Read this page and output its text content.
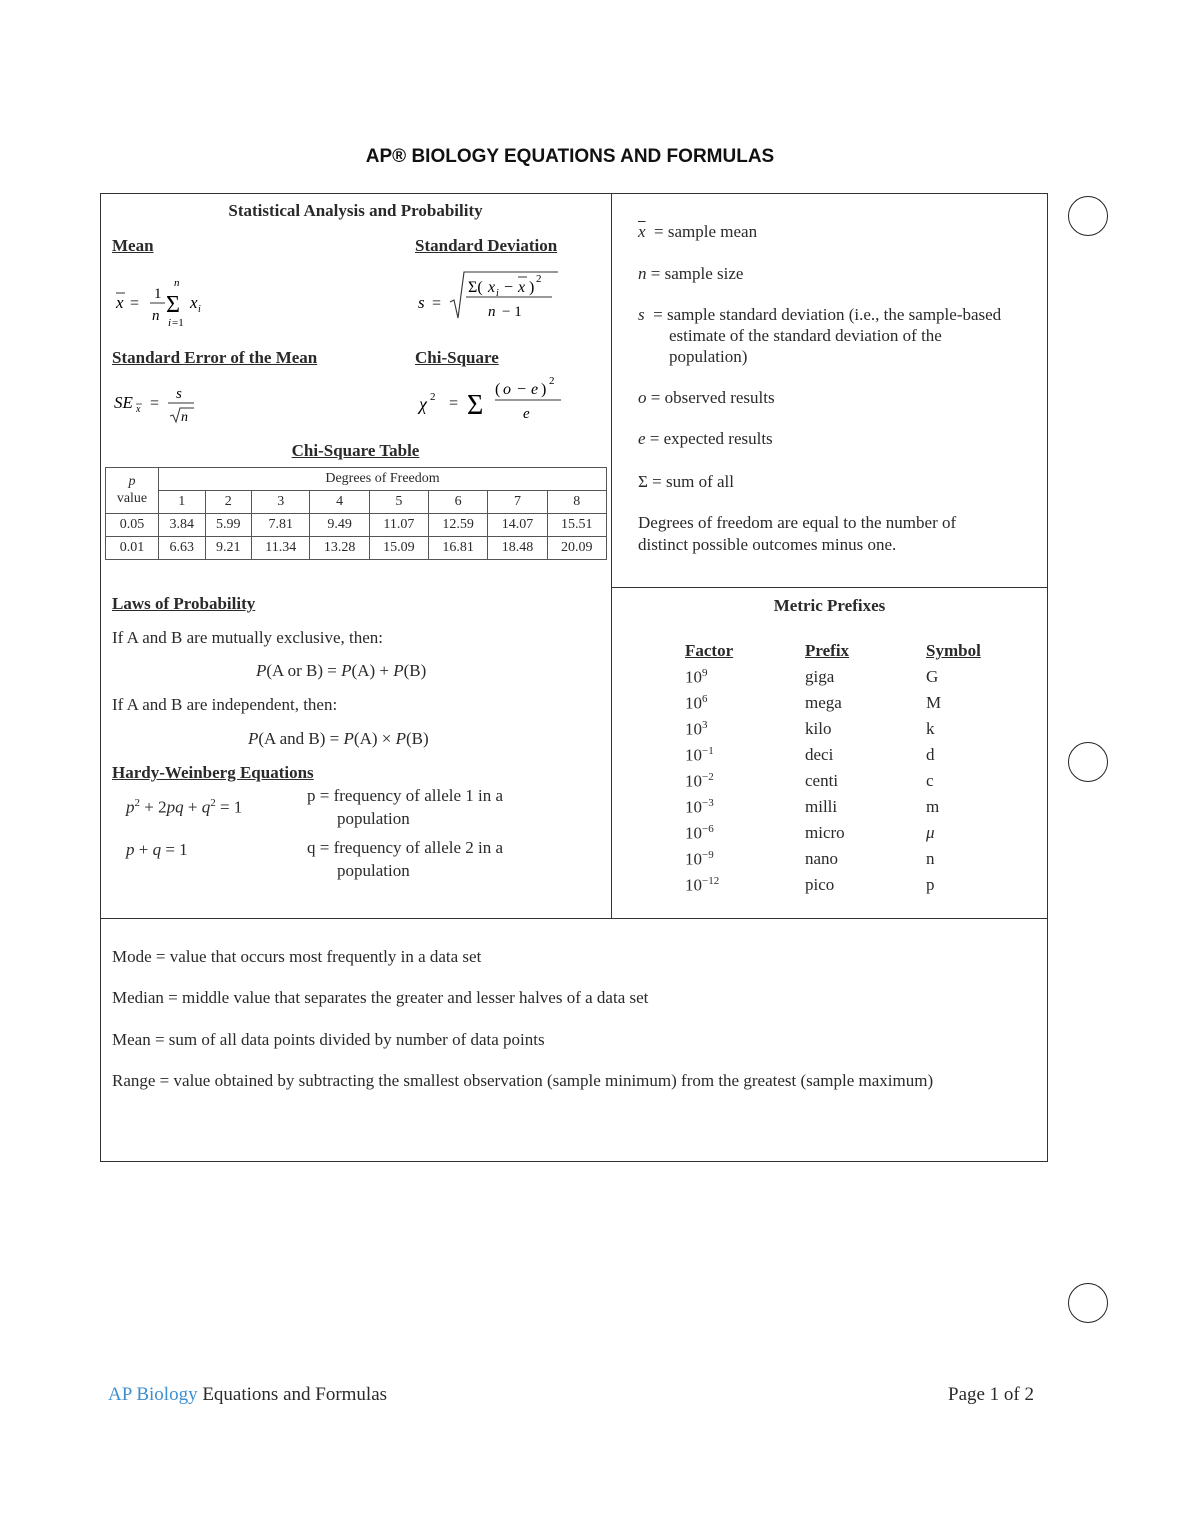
AP® BIOLOGY EQUATIONS AND FORMULAS
Statistical Analysis and Probability
Mean	Standard Deviation
x =
1
n
n
Σ
i =1
x i	s =
Σ( x i − x ) 2
n − 1
Standard Error of the Mean	Chi-Square
SE x =
s
n
χ 2 = Σ
( o − e ) 2
e
Chi-Square Table
p
value	Degrees of Freedom							
	1	2	3	4	5	6	7	8
0.05	3.84	5.99	7.81	9.49	11.07	12.59	14.07	15.51
0.01	6.63	9.21	11.34	13.28	15.09	16.81	18.48	20.09
Laws of Probability
If A and B are mutually exclusive, then:
P(A or B) = P(A) + P(B)
If A and B are independent, then:
P(A and B) = P(A) × P(B)
Hardy-Weinberg Equations
$p^2 + 2pq + q^2 = 1$
p + q = 1
p = frequency of allele 1 in a
population
q = frequency of allele 2 in a
population
$\overline{x}$ = sample mean
n = sample size
s = sample standard deviation (i.e., the sample-based
estimate of the standard deviation of the
population)
o = observed results
e = expected results
Σ = sum of all
Degrees of freedom are equal to the number of
distinct possible outcomes minus one.
Metric Prefixes
Factor	Prefix	Symbol
$10^9$	giga	G
$10^6$	mega	M
$10^3$	kilo	k
$10^{-1}$	deci	d
$10^{-2}$	centi	c
$10^{-3}$	milli	m
$10^{-6}$	micro	μ
$10^{-9}$	nano	n
$10^{-12}$	pico	p
Mode = value that occurs most frequently in a data set
Median = middle value that separates the greater and lesser halves of a data set
Mean = sum of all data points divided by number of data points
Range = value obtained by subtracting the smallest observation (sample minimum) from the greatest (sample maximum)
AP Biology Equations and Formulas	Page 1 of 2
